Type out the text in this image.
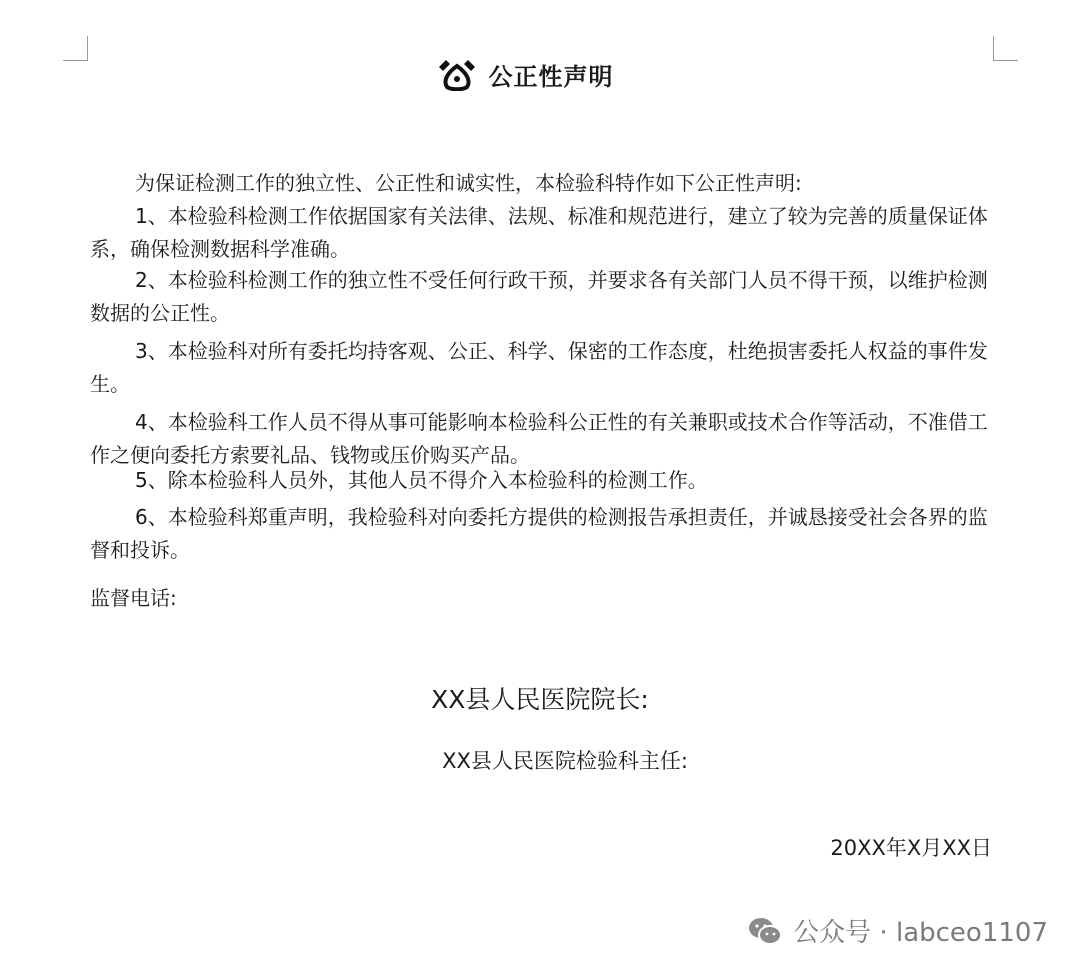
公正性声明

为保证检测工作的独立性、公正性和诚实性，本检验科特作如下公正性声明:

1、本检验科检测工作依据国家有关法律、法规、标准和规范进行，建立了较为完善的质量保证体系，确保检测数据科学准确。

2、本检验科检测工作的独立性不受任何行政干预，并要求各有关部门人员不得干预，以维护检测数据的公正性。

3、本检验科对所有委托均持客观、公正、科学、保密的工作态度，杜绝损害委托人权益的事件发生。

4、本检验科工作人员不得从事可能影响本检验科公正性的有关兼职或技术合作等活动，不准借工作之便向委托方索要礼品、钱物或压价购买产品。

5、除本检验科人员外，其他人员不得介入本检验科的检测工作。

6、本检验科郑重声明，我检验科对向委托方提供的检测报告承担责任，并诚恳接受社会各界的监督和投诉。

监督电话:

XX县人民医院院长:

XX县人民医院检验科主任:

20XX年X月XX日

公众号 · labceo1107
